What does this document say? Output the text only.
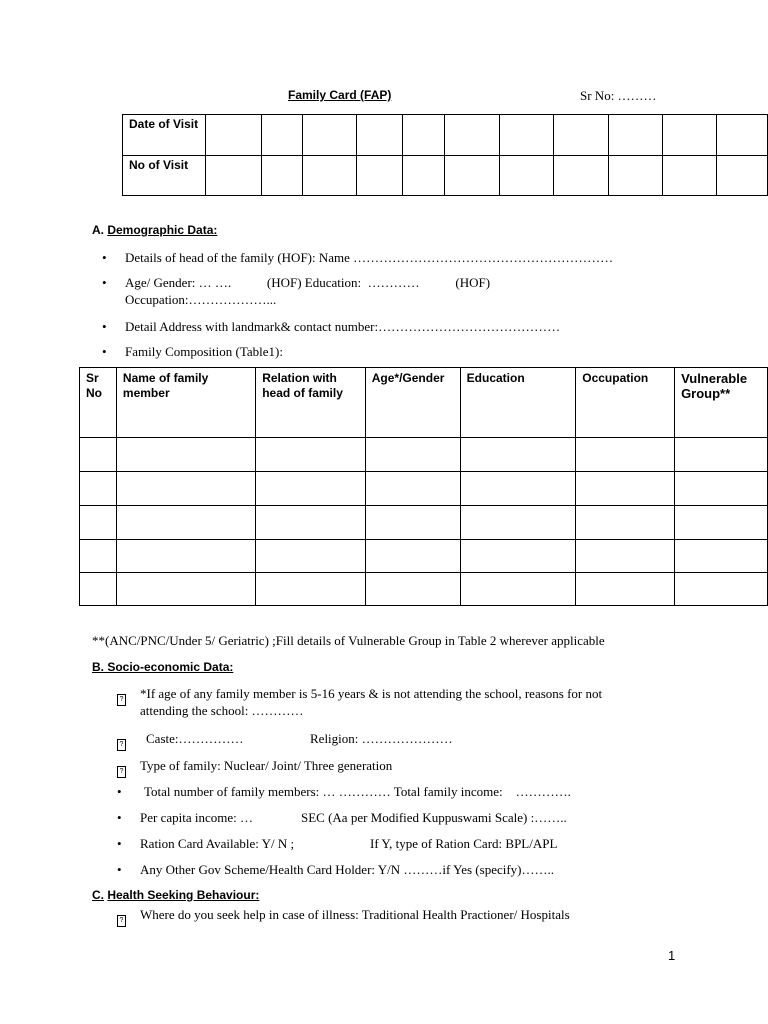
Family Card (FAP)	Sr No: ………
Date of Visit											
No of Visit											
A. Demographic Data:
• Details of head of the family (HOF): Name ……………………………………………………
• Age/ Gender: … ….           (HOF) Education:  …………           (HOF)
Occupation:………………...
• Detail Address with landmark& contact number:……………………………………
• Family Composition (Table1):
Sr No	Name of family member	Relation with head of family	Age*/Gender	Education	Occupation	Vulnerable Group**

**(ANC/PNC/Under 5/ Geriatric) ;Fill details of Vulnerable Group in Table 2 wherever applicable
B. Socio-economic Data:
? *If age of any family member is 5-16 years & is not attending the school, reasons for not
attending the school: …………
? Caste:……………	Religion: …………………
? Type of family: Nuclear/ Joint/ Three generation
• Total number of family members: … ………… Total family income:    ………….
• Per capita income: …	SEC (Aa per Modified Kuppuswami Scale) :……..
• Ration Card Available: Y/ N ;	If Y, type of Ration Card: BPL/APL
• Any Other Gov Scheme/Health Card Holder: Y/N ………if Yes (specify)……..
C. Health Seeking Behaviour:
? Where do you seek help in case of illness: Traditional Health Practioner/ Hospitals
1
